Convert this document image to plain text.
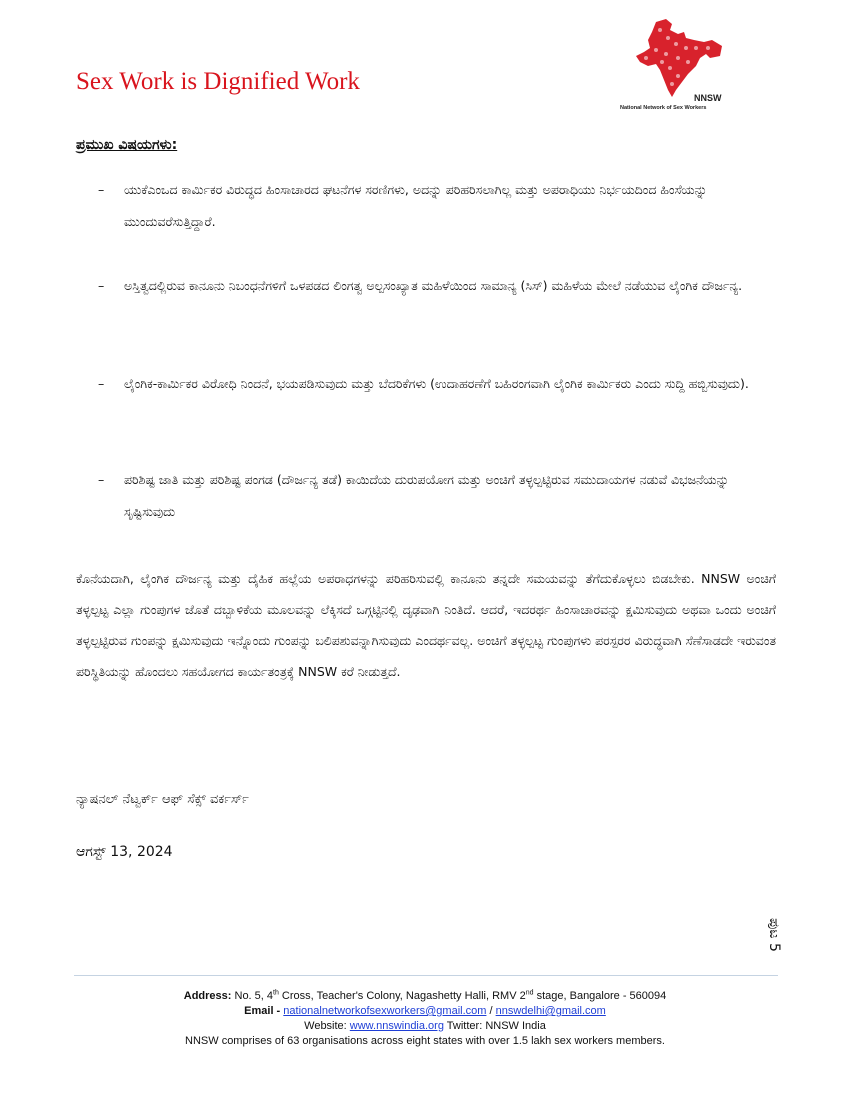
Sex Work is Dignified Work
NNSW
National Network of Sex Workers
ಪ್ರಮುಖ ವಿಷಯಗಳು:
– ಯುಕೆಎಂಒದ ಕಾರ್ಮಿಕರ ವಿರುದ್ಧದ ಹಿಂಸಾಚಾರದ ಘಟನೆಗಳ ಸರಣಿಗಳು, ಅದನ್ನು ಪರಿಹರಿಸಲಾಗಿಲ್ಲ ಮತ್ತು ಅಪರಾಧಿಯು ನಿರ್ಭಯದಿಂದ ಹಿಂಸೆಯನ್ನು ಮುಂದುವರೆಸುತ್ತಿದ್ದಾರೆ.
– ಅಸ್ತಿತ್ವದಲ್ಲಿರುವ ಕಾನೂನು ನಿಬಂಧನೆಗಳಿಗೆ ಒಳಪಡದ ಲಿಂಗತ್ವ ಅಲ್ಪಸಂಖ್ಯಾತ ಮಹಿಳೆಯಿಂದ ಸಾಮಾನ್ಯ (ಸಿಸ್) ಮಹಿಳೆಯ ಮೇಲೆ ನಡೆಯುವ ಲೈಂಗಿಕ ದೌರ್ಜನ್ಯ.
– ಲೈಂಗಿಕ-ಕಾರ್ಮಿಕರ ವಿರೋಧಿ ನಿಂದನೆ, ಭಯಪಡಿಸುವುದು ಮತ್ತು ಬೆದರಿಕೆಗಳು (ಉದಾಹರಣೆಗೆ ಬಹಿರಂಗವಾಗಿ ಲೈಂಗಿಕ ಕಾರ್ಮಿಕರು ಎಂದು ಸುದ್ದಿ ಹಬ್ಬಿಸುವುದು).
– ಪರಿಶಿಷ್ಟ ಜಾತಿ ಮತ್ತು ಪರಿಶಿಷ್ಟ ಪಂಗಡ (ದೌರ್ಜನ್ಯ ತಡೆ) ಕಾಯಿದೆಯ ದುರುಪಯೋಗ ಮತ್ತು ಅಂಚಿಗೆ ತಳ್ಳಲ್ಪಟ್ಟಿರುವ ಸಮುದಾಯಗಳ ನಡುವೆ ವಿಭಜನೆಯನ್ನು ಸೃಷ್ಟಿಸುವುದು

ಕೊನೆಯದಾಗಿ, ಲೈಂಗಿಕ ದೌರ್ಜನ್ಯ ಮತ್ತು ದೈಹಿಕ ಹಲ್ಲೆಯ ಅಪರಾಧಗಳನ್ನು ಪರಿಹರಿಸುವಲ್ಲಿ ಕಾನೂನು ತನ್ನದೇ ಸಮಯವನ್ನು ತೆಗೆದುಕೊಳ್ಳಲು ಬಿಡಬೇಕು. NNSW ಅಂಚಿಗೆ ತಳ್ಳಲ್ಪಟ್ಟ ಎಲ್ಲಾ ಗುಂಪುಗಳ ಜೊತೆ ದಬ್ಬಾಳಿಕೆಯ ಮೂಲವನ್ನು ಲೆಕ್ಕಿಸದೆ ಒಗ್ಗಟ್ಟಿನಲ್ಲಿ ದೃಢವಾಗಿ ನಿಂತಿದೆ. ಆದರೆ, ಇದರರ್ಥ ಹಿಂಸಾಚಾರವನ್ನು ಕ್ಷಮಿಸುವುದು ಅಥವಾ ಒಂದು ಅಂಚಿಗೆ ತಳ್ಳಲ್ಪಟ್ಟಿರುವ ಗುಂಪನ್ನು ಕ್ಷಮಿಸುವುದು ಇನ್ನೊಂದು ಗುಂಪನ್ನು ಬಲಿಪಶುವನ್ನಾಗಿಸುವುದು ಎಂದರ್ಥವಲ್ಲ. ಅಂಚಿಗೆ ತಳ್ಳಲ್ಪಟ್ಟ ಗುಂಪುಗಳು ಪರಸ್ಪರರ ವಿರುದ್ಧವಾಗಿ ಸೆಣೆಸಾಡದೇ ಇರುವಂತ ಪರಿಸ್ಥಿತಿಯನ್ನು ಹೊಂದಲು ಸಹಯೋಗದ ಕಾರ್ಯತಂತ್ರಕ್ಕೆ NNSW ಕರೆ ನೀಡುತ್ತದೆ.

ನ್ಯಾಷನಲ್ ನೆಟ್ವರ್ಕ್ ಆಫ್ ಸೆಕ್ಸ್ ವರ್ಕರ್ಸ್
ಆಗಸ್ಟ್ 13, 2024
ಪುಟ 5
Address: No. 5, 4th Cross, Teacher's Colony, Nagashetty Halli, RMV 2nd stage, Bangalore - 560094
Email - nationalnetworkofsexworkers@gmail.com / nnswdelhi@gmail.com
Website: www.nnswindia.org Twitter: NNSW India
NNSW comprises of 63 organisations across eight states with over 1.5 lakh sex workers members.
